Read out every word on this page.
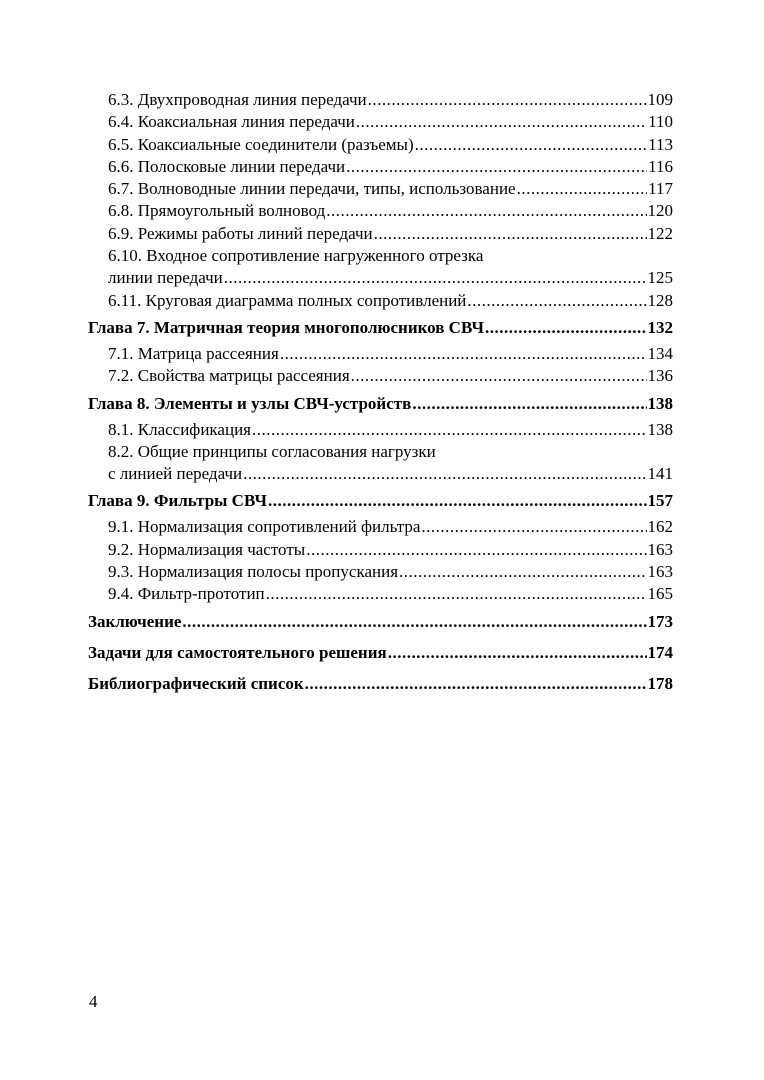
6.3. Двухпроводная линия передачи .....	109
6.4. Коаксиальная линия передачи .....	110
6.5. Коаксиальные соединители (разъемы) .....	113
6.6. Полосковые линии передачи .....	116
6.7. Волноводные линии передачи, типы, использование .....	117
6.8. Прямоугольный волновод .....	120
6.9. Режимы работы линий передачи .....	122
6.10. Входное сопротивление нагруженного отрезка
линии передачи .....	125
6.11. Круговая диаграмма полных сопротивлений .....	128
Глава 7. Матричная теория многополюсников СВЧ .....	132
7.1. Матрица рассеяния .....	134
7.2. Свойства матрицы рассеяния .....	136
Глава 8. Элементы и узлы СВЧ-устройств .....	138
8.1. Классификация .....	138
8.2. Общие принципы согласования нагрузки
с линией передачи .....	141
Глава 9. Фильтры СВЧ .....	157
9.1. Нормализация сопротивлений фильтра .....	162
9.2. Нормализация частоты .....	163
9.3. Нормализация полосы пропускания .....	163
9.4. Фильтр-прототип .....	165
Заключение .....	173
Задачи для самостоятельного решения .....	174
Библиографический список .....	178
4
